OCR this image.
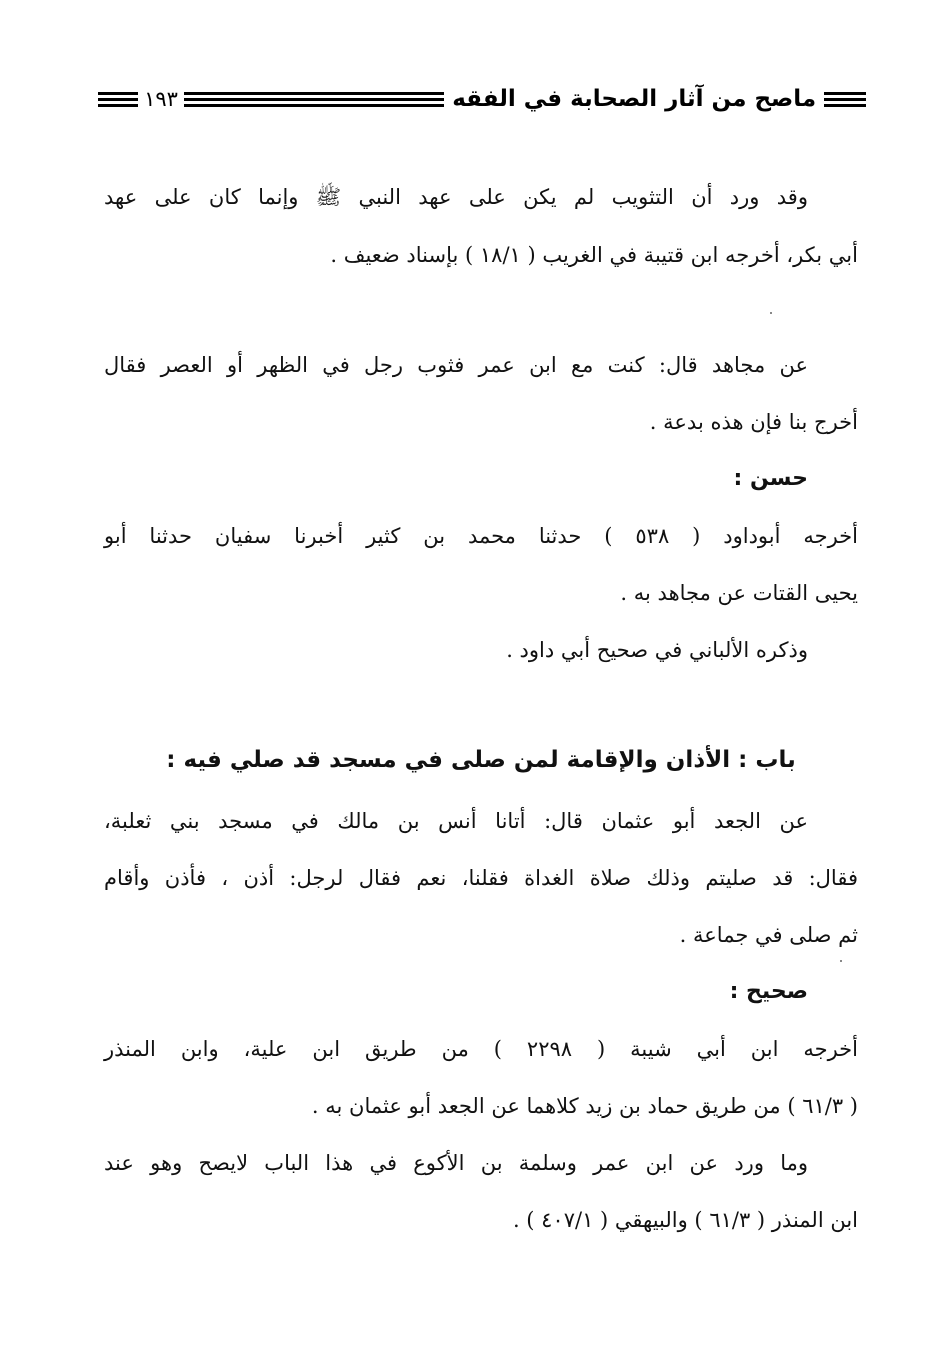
ماصح من آثار الصحابة في الفقه
١٩٣
وقد ورد أن التثويب لم يكن على عهد النبي ﷺ وإنما كان على عهد
أبي بكر، أخرجه ابن قتيبة في الغريب ( ١٨/١ ) بإسناد ضعيف .
عن مجاهد قال: كنت مع ابن عمر فثوب رجل في الظهر أو العصر فقال
أخرج بنا فإن هذه بدعة .
حسن :
أخرجه أبوداود ( ٥٣٨ ) حدثنا محمد بن كثير أخبرنا سفيان حدثنا أبو
يحيى القتات عن مجاهد به .
وذكره الألباني في صحيح أبي داود .
باب : الأذان والإقامة لمن صلى في مسجد قد صلي فيه :
عن الجعد أبو عثمان قال: أتانا أنس بن مالك في مسجد بني ثعلبة،
فقال: قد صليتم وذلك صلاة الغداة فقلنا، نعم فقال لرجل: أذن ، فأذن وأقام
ثم صلى في جماعة .
صحيح :
أخرجه ابن أبي شيبة ( ٢٢٩٨ ) من طريق ابن علية، وابن المنذر
( ٦١/٣ ) من طريق حماد بن زيد كلاهما عن الجعد أبو عثمان به .
وما ورد عن ابن عمر وسلمة بن الأكوع في هذا الباب لايصح وهو عند
ابن المنذر ( ٦١/٣ ) والبيهقي ( ٤٠٧/١ ) .
